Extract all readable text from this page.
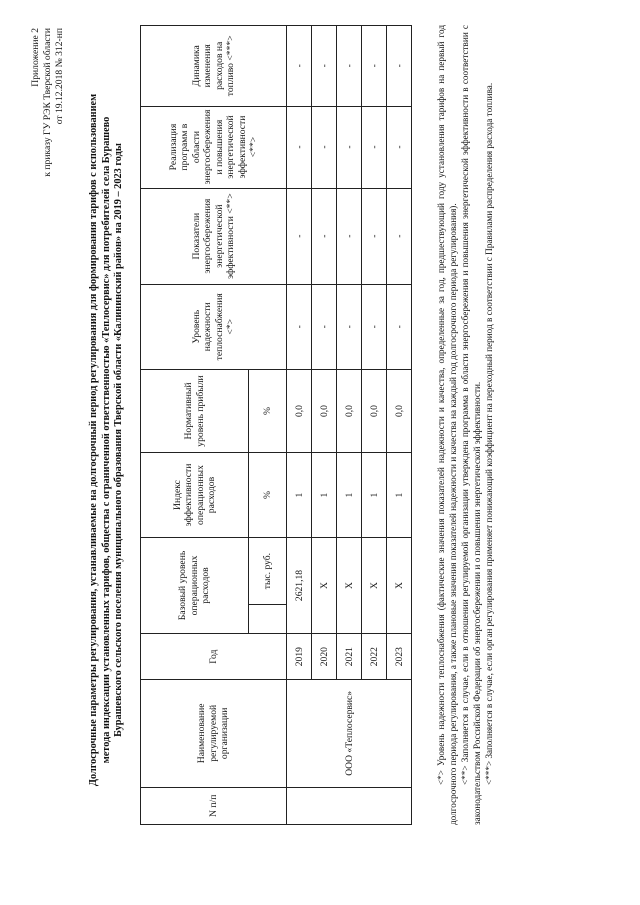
Приложение 2 к приказу ГУ РЭК Тверской области от 19.12.2018 № 312-нп
Долгосрочные параметры регулирования, устанавливаемые на долгосрочный период регулирования для формирования тарифов с использованием метода индексации установленных тарифов, общества с ограниченной ответственностью «Теплосервис» для потребителей села Бурашево Бурашевского сельского поселения муниципального образования Тверской области «Калининский район» на 2019 – 2023 годы
N п/п	Наименование регулируемой организации	Год	Базовый уровень операционных расходов		Индекс эффективности операционных расходов	Нормативный уровень прибыли	Уровень надежности теплоснабжения <*>	Показатели энергосбережения энергетической эффективности <**>	Реализация программ в области энергосбережения и повышения энергетической эффективности <**>	Динамика изменения расходов на топливо <***>
				тыс. руб.	%	%				
	ООО «Теплосервис»	2019	2621,18		1	0,0	-	-	-	-
		2020	Х		1	0,0	-	-	-	-
		2021	Х		1	0,0	-	-	-	-
		2022	Х		1	0,0	-	-	-	-
		2023	Х		1	0,0	-	-	-	-	<*> Уровень надежности теплоснабжения (фактические значения показателей надежности и качества, определенные за год, предшествующий году установления тарифов на первый год долгосрочного периода регулирования, а также плановые значения показателей надежности и качества на каждый год долгосрочного периода регулирования). <**> Заполняется в случае, если в отношении регулируемой организации утверждена программа в области энергосбережения и повышения энергетической эффективности в соответствии с законодательством Российской Федерации об энергосбережении и о повышении энергетической эффективности. <***> Заполняется в случае, если орган регулирования применяет понижающий коэффициент на переходный период в соответствии с Правилами распределения расхода топлива.
